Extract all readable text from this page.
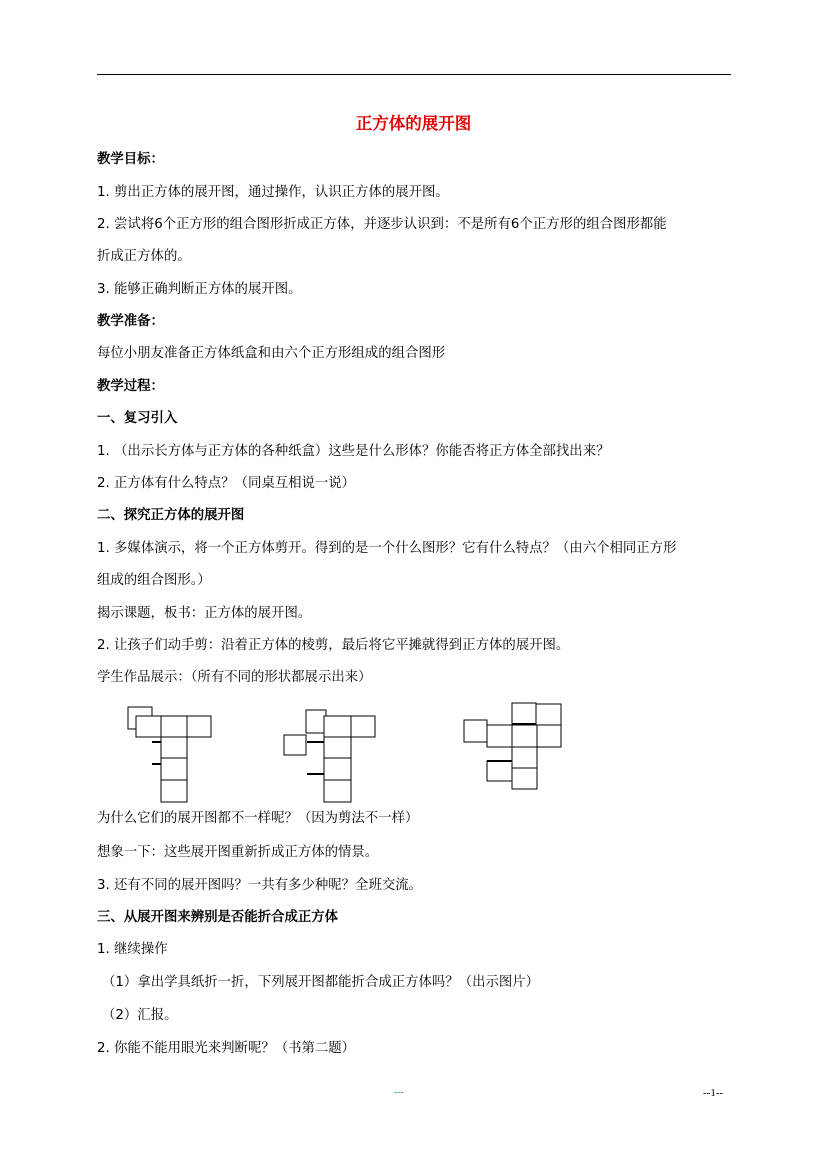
正方体的展开图
教学目标：
1. 剪出正方体的展开图，通过操作，认识正方体的展开图。
2. 尝试将6个正方形的组合图形折成正方体，并逐步认识到：不是所有6个正方形的组合图形都能
折成正方体的。
3. 能够正确判断正方体的展开图。
教学准备：
每位小朋友准备正方体纸盒和由六个正方形组成的组合图形
教学过程：
一、复习引入
1. （出示长方体与正方体的各种纸盒）这些是什么形体？你能否将正方体全部找出来？
2. 正方体有什么特点？（同桌互相说一说）
二、探究正方体的展开图
1. 多媒体演示，将一个正方体剪开。得到的是一个什么图形？它有什么特点？（由六个相同正方形
组成的组合图形。）
揭示课题，板书：正方体的展开图。
2. 让孩子们动手剪：沿着正方体的棱剪，最后将它平摊就得到正方体的展开图。
学生作品展示：（所有不同的形状都展示出来）
为什么它们的展开图都不一样呢？（因为剪法不一样）
想象一下：这些展开图重新折成正方体的情景。
3. 还有不同的展开图吗？一共有多少种呢？全班交流。
三、从展开图来辨别是否能折合成正方体
1. 继续操作
（1）拿出学具纸折一折，下列展开图都能折合成正方体吗？（出示图片）
（2）汇报。
2. 你能不能用眼光来判断呢？（书第二题）
---	--1--
